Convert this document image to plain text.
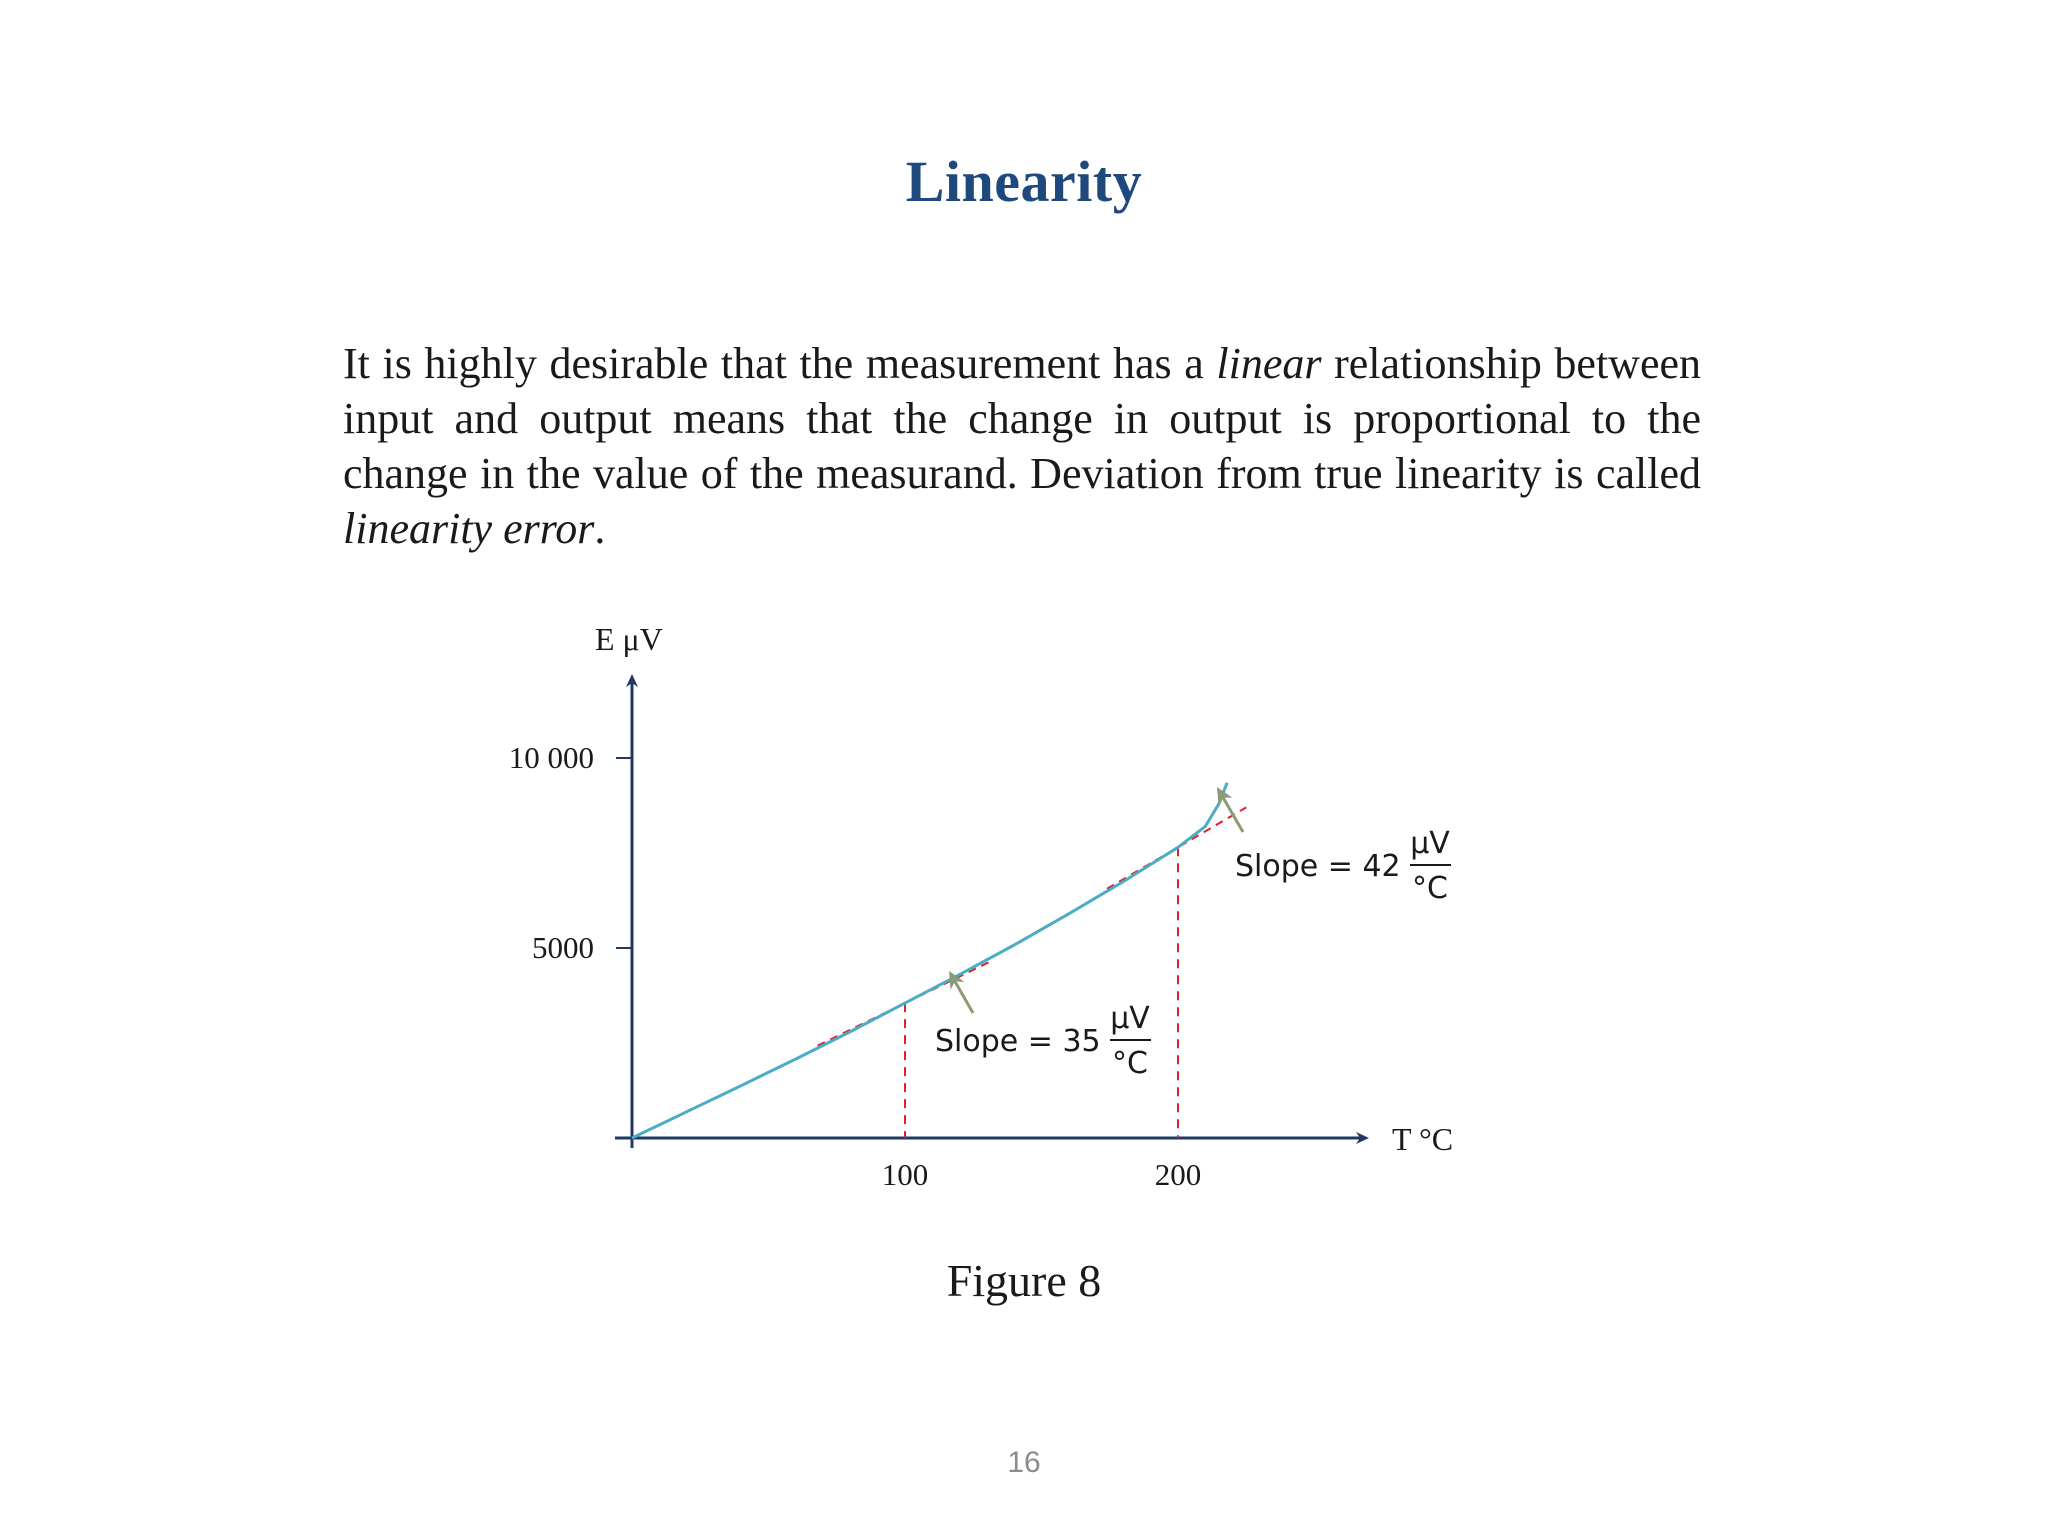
Linearity
It is highly desirable that the measurement has a linear relationship between input and output means that the change in output is proportional to the change in the value of the measurand. Deviation from true linearity is called linearity error.
E μV
T °C
5000
10 000
100	200
Slope = 35
μV
°C
Slope = 42
μV
°C
Figure 8
16
